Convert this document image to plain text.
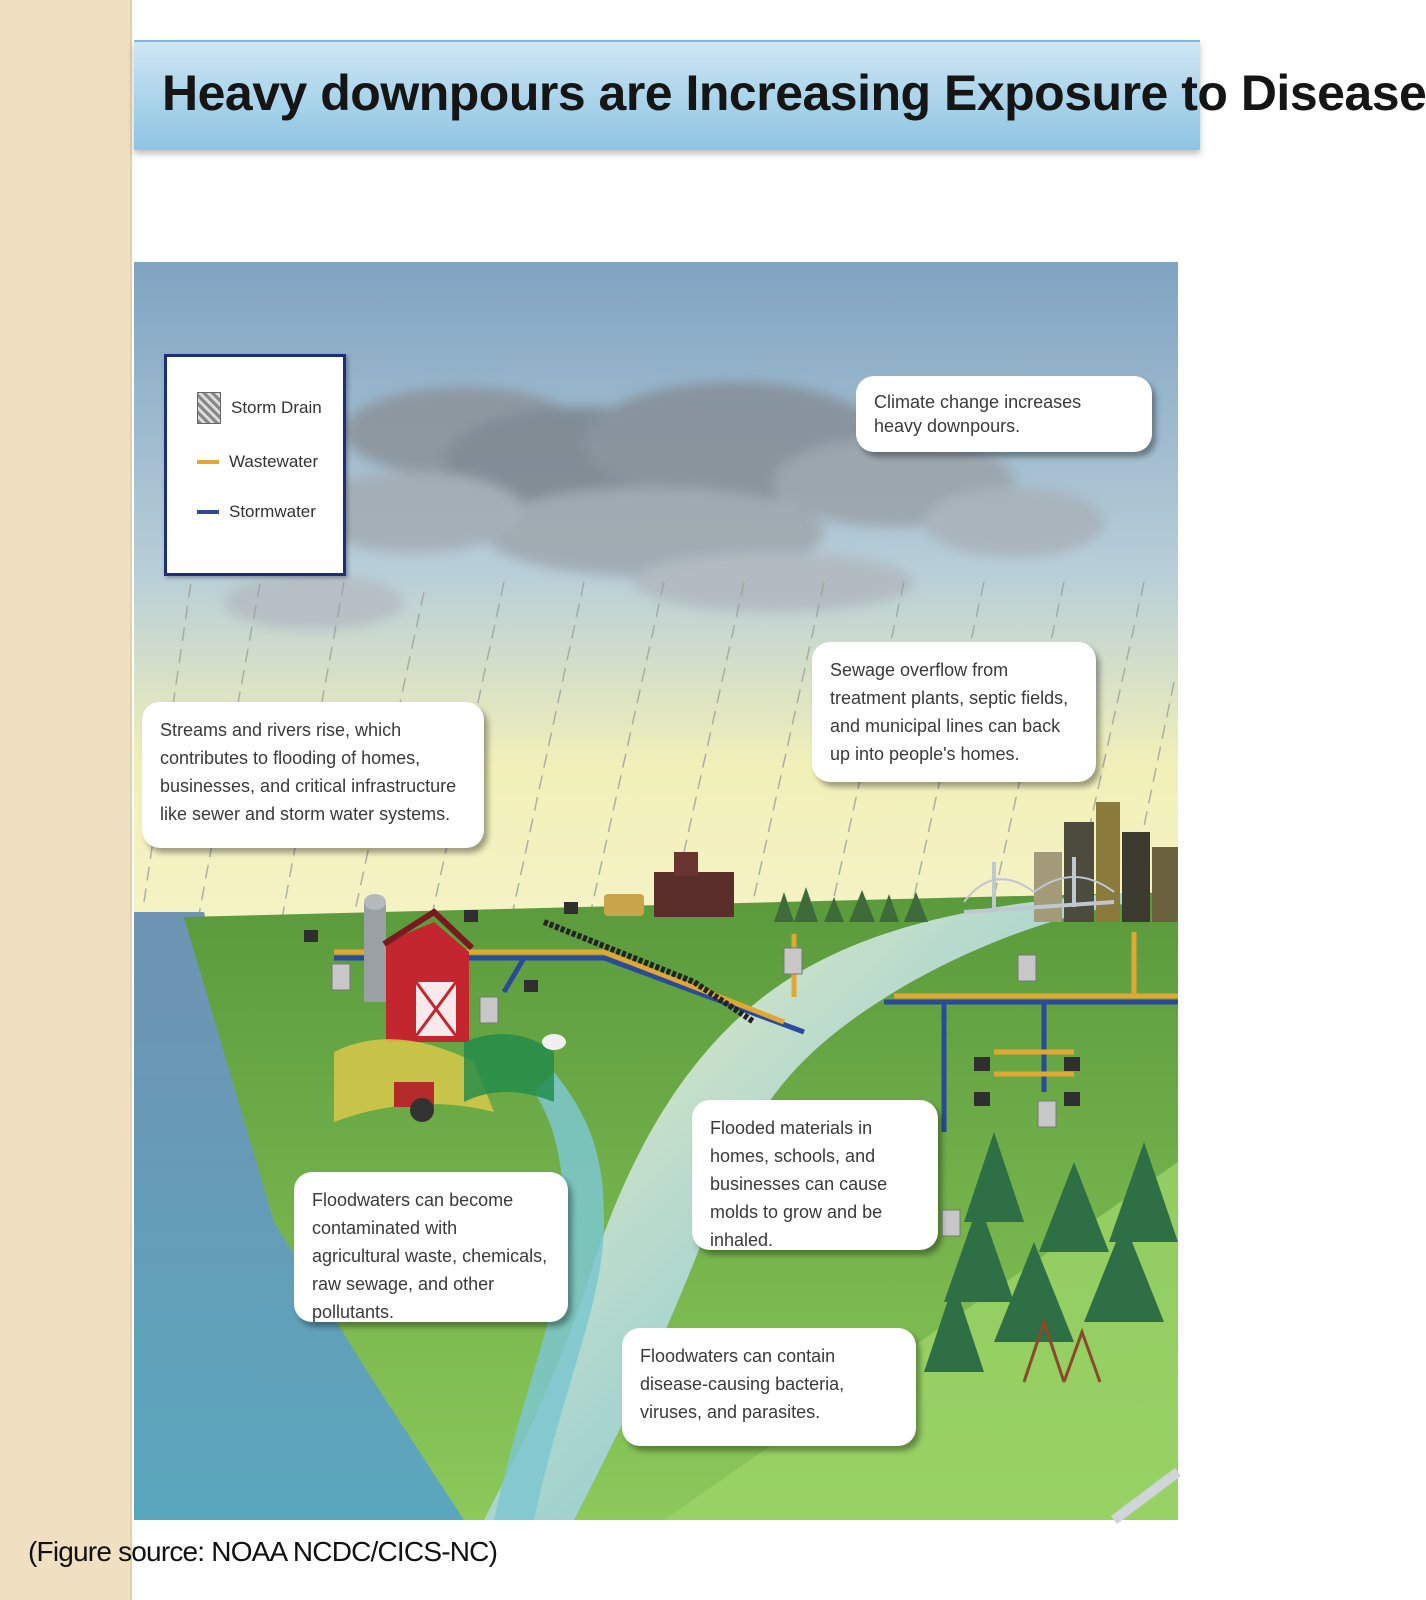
Heavy downpours are Increasing Exposure to Disease
Storm Drain
Wastewater
Stormwater
Climate change increases heavy downpours.
Sewage overflow from treatment plants, septic fields, and municipal lines can back up into people's homes.
Streams and rivers rise, which contributes to flooding of homes, businesses, and critical infrastructure like sewer and storm water systems.
Flooded materials in homes, schools, and businesses can cause molds to grow and be inhaled.
Floodwaters can become contaminated with agricultural waste, chemicals, raw sewage, and other pollutants.
Floodwaters can contain disease-causing bacteria, viruses, and parasites.
(Figure source: NOAA NCDC/CICS-NC)
